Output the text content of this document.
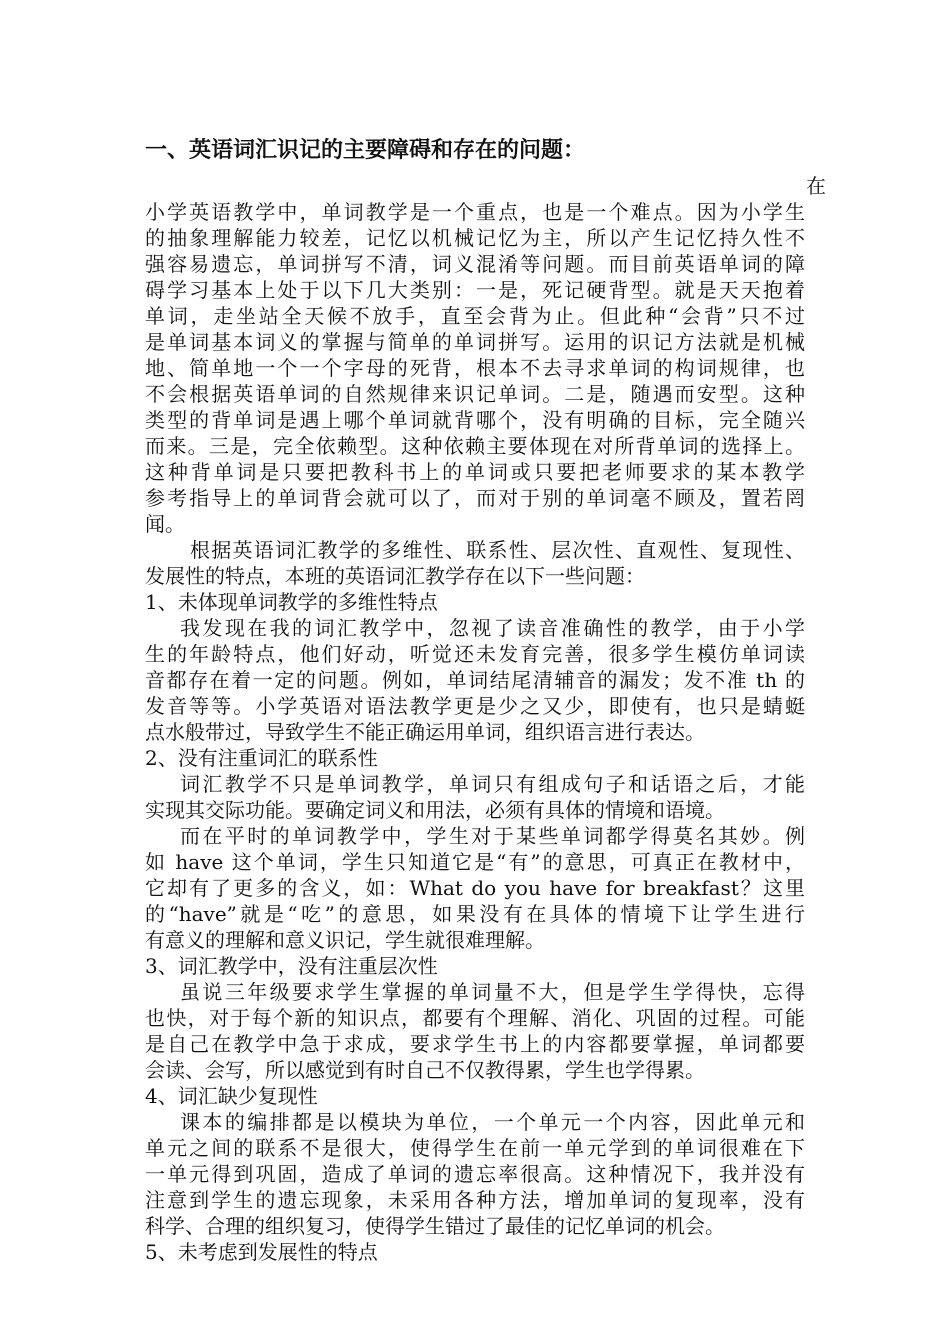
一、英语词汇识记的主要障碍和存在的问题：
在
小学英语教学中，单词教学是一个重点，也是一个难点。因为小学生
的抽象理解能力较差，记忆以机械记忆为主，所以产生记忆持久性不
强容易遗忘，单词拼写不清，词义混淆等问题。而目前英语单词的障
碍学习基本上处于以下几大类别：一是，死记硬背型。就是天天抱着
单词，走坐站全天候不放手，直至会背为止。但此种“会背”只不过
是单词基本词义的掌握与简单的单词拼写。运用的识记方法就是机械
地、简单地一个一个字母的死背，根本不去寻求单词的构词规律，也
不会根据英语单词的自然规律来识记单词。二是，随遇而安型。这种
类型的背单词是遇上哪个单词就背哪个，没有明确的目标，完全随兴
而来。三是，完全依赖型。这种依赖主要体现在对所背单词的选择上。
这种背单词是只要把教科书上的单词或只要把老师要求的某本教学
参考指导上的单词背会就可以了，而对于别的单词毫不顾及，置若罔
闻。
根据英语词汇教学的多维性、联系性、层次性、直观性、复现性、
发展性的特点，本班的英语词汇教学存在以下一些问题：
1、未体现单词教学的多维性特点
我发现在我的词汇教学中，忽视了读音准确性的教学，由于小学
生的年龄特点，他们好动，听觉还未发育完善，很多学生模仿单词读
音都存在着一定的问题。例如，单词结尾清辅音的漏发；发不准 th 的
发音等等。小学英语对语法教学更是少之又少，即使有，也只是蜻蜓
点水般带过，导致学生不能正确运用单词，组织语言进行表达。
2、没有注重词汇的联系性
词汇教学不只是单词教学，单词只有组成句子和话语之后，才能
实现其交际功能。要确定词义和用法，必须有具体的情境和语境。
而在平时的单词教学中，学生对于某些单词都学得莫名其妙。例
如 have 这个单词，学生只知道它是“有”的意思，可真正在教材中，
它却有了更多的含义，如：What do you have for breakfast？这里
的“have”就是“吃”的意思，如果没有在具体的情境下让学生进行
有意义的理解和意义识记，学生就很难理解。
3、词汇教学中，没有注重层次性
虽说三年级要求学生掌握的单词量不大，但是学生学得快，忘得
也快，对于每个新的知识点，都要有个理解、消化、巩固的过程。可能
是自己在教学中急于求成，要求学生书上的内容都要掌握，单词都要
会读、会写，所以感觉到有时自己不仅教得累，学生也学得累。
4、词汇缺少复现性
课本的编排都是以模块为单位，一个单元一个内容，因此单元和
单元之间的联系不是很大，使得学生在前一单元学到的单词很难在下
一单元得到巩固，造成了单词的遗忘率很高。这种情况下，我并没有
注意到学生的遗忘现象，未采用各种方法，增加单词的复现率，没有
科学、合理的组织复习，使得学生错过了最佳的记忆单词的机会。
5、未考虑到发展性的特点
